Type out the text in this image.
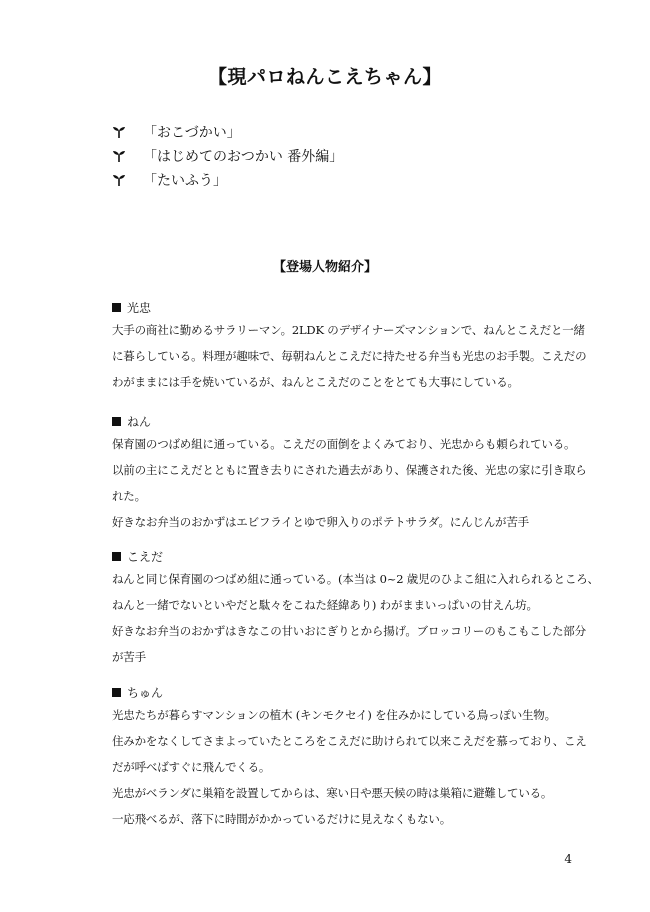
【現パロねんこえちゃん】
「おこづかい」
「はじめてのおつかい 番外編」
「たいふう」
【登場人物紹介】
光忠
大手の商社に勤めるサラリーマン。2LDK のデザイナーズマンションで、ねんとこえだと一緒
に暮らしている。料理が趣味で、毎朝ねんとこえだに持たせる弁当も光忠のお手製。こえだの
わがままには手を焼いているが、ねんとこえだのことをとても大事にしている。
ねん
保育園のつばめ組に通っている。こえだの面倒をよくみており、光忠からも頼られている。
以前の主にこえだとともに置き去りにされた過去があり、保護された後、光忠の家に引き取ら
れた。
好きなお弁当のおかずはエビフライとゆで卵入りのポテトサラダ。にんじんが苦手
こえだ
ねんと同じ保育園のつばめ組に通っている。(本当は 0~2 歳児のひよこ組に入れられるところ、
ねんと一緒でないといやだと駄々をこねた経緯あり) わがままいっぱいの甘えん坊。
好きなお弁当のおかずはきなこの甘いおにぎりとから揚げ。ブロッコリーのもこもこした部分
が苦手
ちゅん
光忠たちが暮らすマンションの植木 (キンモクセイ) を住みかにしている鳥っぽい生物。
住みかをなくしてさまよっていたところをこえだに助けられて以来こえだを慕っており、こえ
だが呼べばすぐに飛んでくる。
光忠がベランダに巣箱を設置してからは、寒い日や悪天候の時は巣箱に避難している。
一応飛べるが、落下に時間がかかっているだけに見えなくもない。
4
